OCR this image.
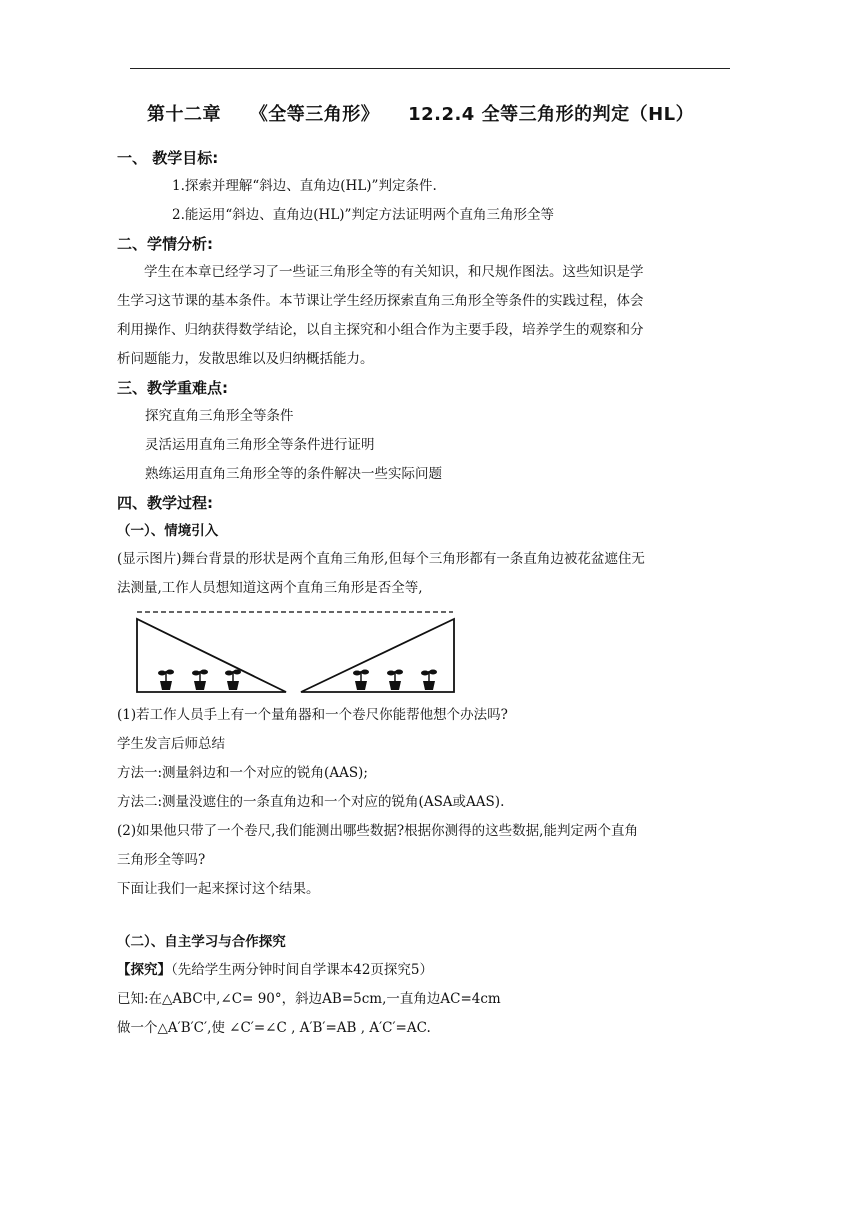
第十二章 《全等三角形》 12.2.4 全等三角形的判定（HL）
一、 教学目标:

1.探索并理解“斜边、直角边(HL)”判定条件.

2.能运用“斜边、直角边(HL)”判定方法证明两个直角三角形全等

二、学情分析:

学生在本章已经学习了一些证三角形全等的有关知识，和尺规作图法。这些知识是学

生学习这节课的基本条件。本节课让学生经历探索直角三角形全等条件的实践过程，体会

利用操作、归纳获得数学结论，以自主探究和小组合作为主要手段，培养学生的观察和分

析问题能力，发散思维以及归纳概括能力。

三、教学重难点:

探究直角三角形全等条件

灵活运用直角三角形全等条件进行证明

熟练运用直角三角形全等的条件解决一些实际问题

四、教学过程:
（一）、情境引入

(显示图片)舞台背景的形状是两个直角三角形,但每个三角形都有一条直角边被花盆遮住无

法测量,工作人员想知道这两个直角三角形是否全等,

(1)若工作人员手上有一个量角器和一个卷尺你能帮他想个办法吗?

学生发言后师总结

方法一:测量斜边和一个对应的锐角(AAS);

方法二:测量没遮住的一条直角边和一个对应的锐角(ASA或AAS).

(2)如果他只带了一个卷尺,我们能测出哪些数据?根据你测得的这些数据,能判定两个直角

三角形全等吗?

下面让我们一起来探讨这个结果。

（二）、自主学习与合作探究

【探究】（先给学生两分钟时间自学课本42页探究5）

已知:在△ABC中,∠C= 90°，斜边AB=5cm,一直角边AC=4cm

做一个△A′B′C′,使 ∠C′=∠C , A′B′=AB , A′C′=AC.
